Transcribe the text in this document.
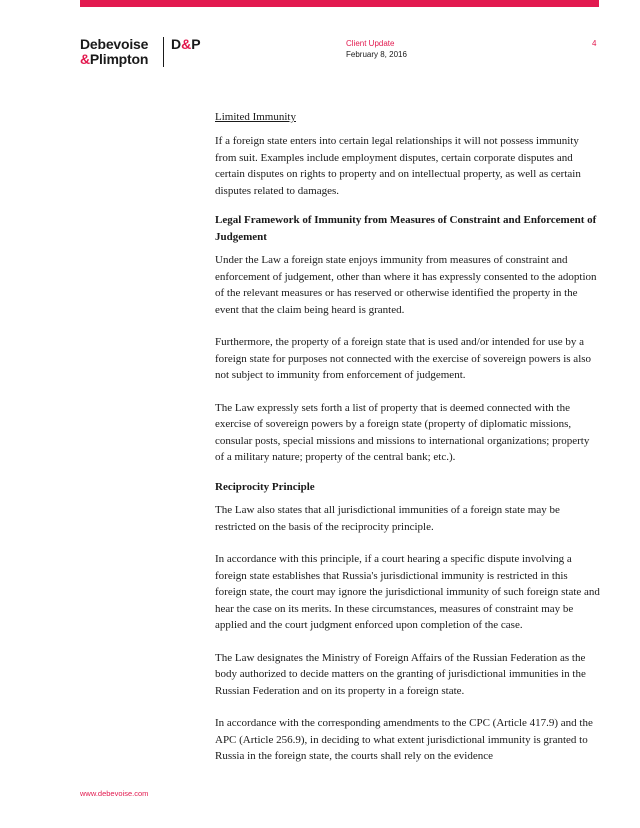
Debevoise
&Plimpton
D&P	Client Update
February 8, 2016
4
Limited Immunity

If a foreign state enters into certain legal relationships it will not possess immunity from suit. Examples include employment disputes, certain corporate disputes and certain disputes on rights to property and on intellectual property, as well as certain disputes related to damages.

Legal Framework of Immunity from Measures of Constraint and Enforcement of Judgement

Under the Law a foreign state enjoys immunity from measures of constraint and enforcement of judgement, other than where it has expressly consented to the adoption of the relevant measures or has reserved or otherwise identified the property in the event that the claim being heard is granted.

Furthermore, the property of a foreign state that is used and/or intended for use by a foreign state for purposes not connected with the exercise of sovereign powers is also not subject to immunity from enforcement of judgement.

The Law expressly sets forth a list of property that is deemed connected with the exercise of sovereign powers by a foreign state (property of diplomatic missions, consular posts, special missions and missions to international organizations; property of a military nature; property of the central bank; etc.).

Reciprocity Principle

The Law also states that all jurisdictional immunities of a foreign state may be restricted on the basis of the reciprocity principle.

In accordance with this principle, if a court hearing a specific dispute involving a foreign state establishes that Russia's jurisdictional immunity is restricted in this foreign state, the court may ignore the jurisdictional immunity of such foreign state and hear the case on its merits. In these circumstances, measures of constraint may be applied and the court judgment enforced upon completion of the case.

The Law designates the Ministry of Foreign Affairs of the Russian Federation as the body authorized to decide matters on the granting of jurisdictional immunities in the Russian Federation and on its property in a foreign state.

In accordance with the corresponding amendments to the CPC (Article 417.9) and the APC (Article 256.9), in deciding to what extent jurisdictional immunity is granted to Russia in the foreign state, the courts shall rely on the evidence

www.debevoise.com
